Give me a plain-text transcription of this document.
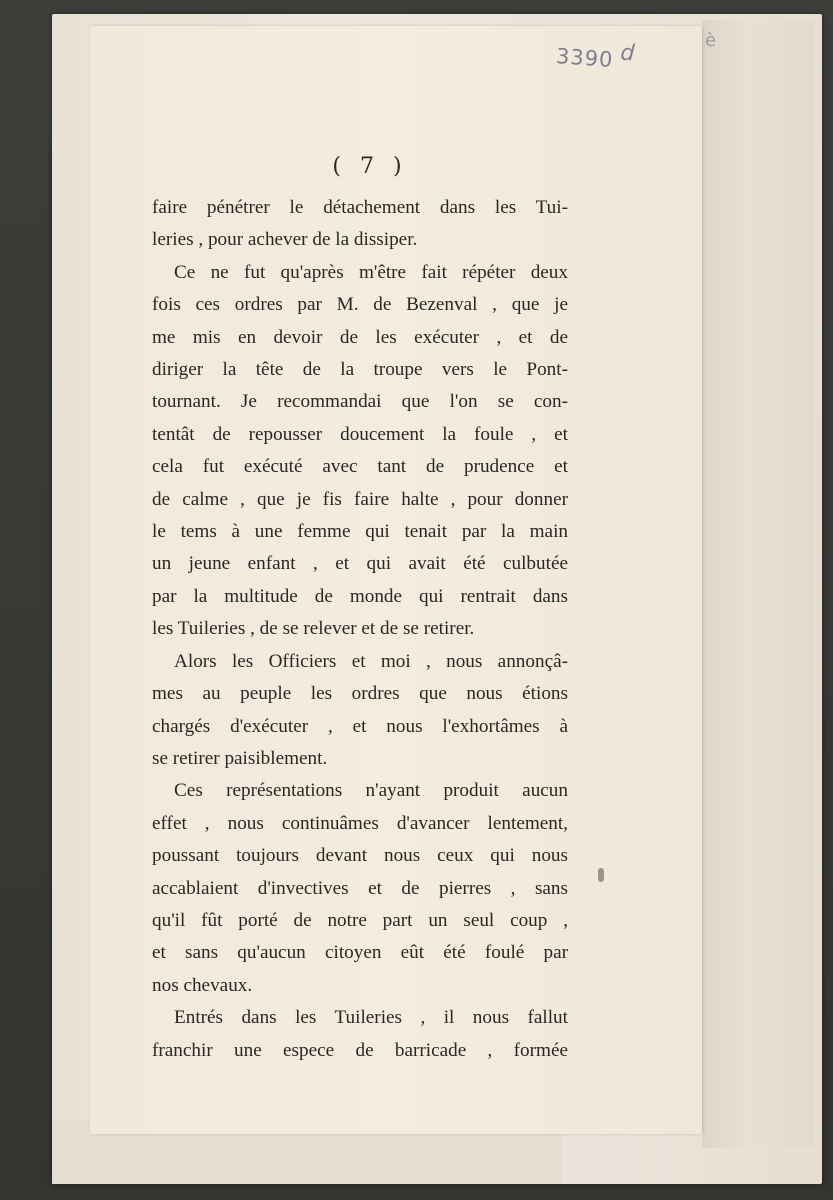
3390 d
è
( 7 )
faire pénétrer le détachement dans les Tui-
leries , pour achever de la dissiper.
Ce ne fut qu'après m'être fait répéter deux
fois ces ordres par M. de Bezenval , que je
me mis en devoir de les exécuter , et de
diriger la tête de la troupe vers le Pont-
tournant. Je recommandai que l'on se con-
tentât de repousser doucement la foule , et
cela fut exécuté avec tant de prudence et
de calme , que je fis faire halte , pour donner
le tems à une femme qui tenait par la main
un jeune enfant , et qui avait été culbutée
par la multitude de monde qui rentrait dans
les Tuileries , de se relever et de se retirer.
Alors les Officiers et moi , nous annonçâ-
mes au peuple les ordres que nous étions
chargés d'exécuter , et nous l'exhortâmes à
se retirer paisiblement.
Ces représentations n'ayant produit aucun
effet , nous continuâmes d'avancer lentement,
poussant toujours devant nous ceux qui nous
accablaient d'invectives et de pierres , sans
qu'il fût porté de notre part un seul coup ,
et sans qu'aucun citoyen eût été foulé par
nos chevaux.
Entrés dans les Tuileries , il nous fallut
franchir une espece de barricade , formée
